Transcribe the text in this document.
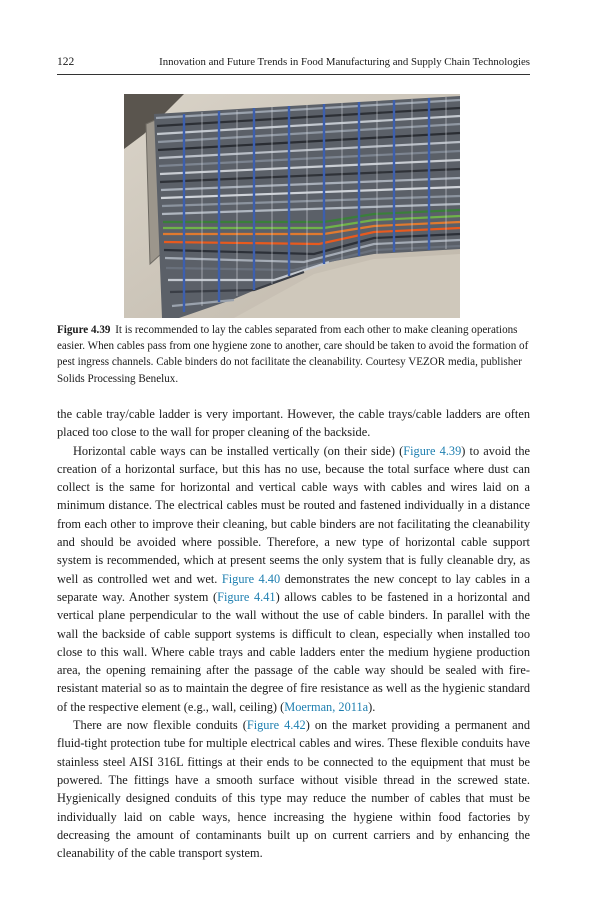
122	Innovation and Future Trends in Food Manufacturing and Supply Chain Technologies
Figure 4.39 It is recommended to lay the cables separated from each other to make cleaning operations easier. When cables pass from one hygiene zone to another, care should be taken to avoid the formation of pest ingress channels. Cable binders do not facilitate the cleanability. Courtesy VEZOR media, publisher Solids Processing Benelux.

the cable tray/cable ladder is very important. However, the cable trays/cable ladders are often placed too close to the wall for proper cleaning of the backside.

Horizontal cable ways can be installed vertically (on their side) (Figure 4.39) to avoid the creation of a horizontal surface, but this has no use, because the total surface where dust can collect is the same for horizontal and vertical cable ways with cables and wires laid on a minimum distance. The electrical cables must be routed and fastened individually in a distance from each other to improve their cleaning, but cable binders are not facilitating the cleanability and should be avoided where possible. Therefore, a new type of horizontal cable support system is recommended, which at present seems the only system that is fully cleanable dry, as well as controlled wet and wet. Figure 4.40 demonstrates the new concept to lay cables in a separate way. Another system (Figure 4.41) allows cables to be fastened in a horizontal and vertical plane perpendicular to the wall without the use of cable binders. In parallel with the wall the backside of cable support systems is difficult to clean, especially when installed too close to this wall. Where cable trays and cable ladders enter the medium hygiene production area, the opening remaining after the passage of the cable way should be sealed with fire-resistant material so as to maintain the degree of fire resistance as well as the hygienic standard of the respective element (e.g., wall, ceiling) (Moerman, 2011a).

There are now flexible conduits (Figure 4.42) on the market providing a permanent and fluid-tight protection tube for multiple electrical cables and wires. These flexible conduits have stainless steel AISI 316L fittings at their ends to be connected to the equipment that must be powered. The fittings have a smooth surface without visible thread in the screwed state. Hygienically designed conduits of this type may reduce the number of cables that must be individually laid on cable ways, hence increasing the hygiene within food factories by decreasing the amount of contaminants built up on current carriers and by enhancing the cleanability of the cable transport system.
